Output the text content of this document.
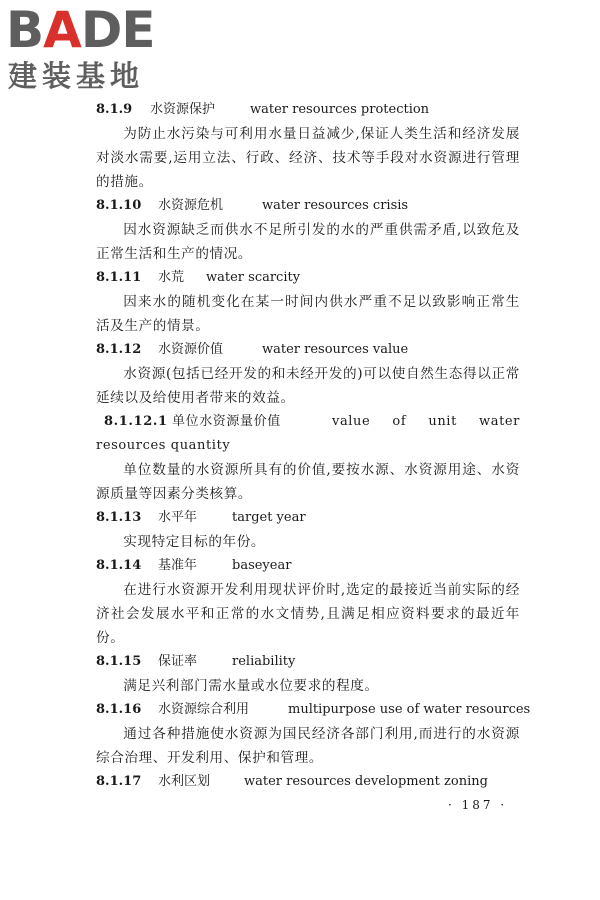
BADE
建装基地
8.1.9 水资源保护	water resources protection
为防止水污染与可利用水量日益减少,保证人类生活和经济发展对淡水需要,运用立法、行政、经济、技术等手段对水资源进行管理的措施。
8.1.10 水资源危机	water resources crisis
因水资源缺乏而供水不足所引发的水的严重供需矛盾,以致危及正常生活和生产的情况。
8.1.11 水荒 water scarcity
因来水的随机变化在某一时间内供水严重不足以致影响正常生活及生产的情景。
8.1.12 水资源价值	water resources value
水资源(包括已经开发的和未经开发的)可以使自然生态得以正常延续以及给使用者带来的效益。
8.1.12.1 单位水资源量价值	value of unit water resources quantity
单位数量的水资源所具有的价值,要按水源、水资源用途、水资源质量等因素分类核算。
8.1.13 水平年	target year
实现特定目标的年份。
8.1.14 基准年	baseyear
在进行水资源开发利用现状评价时,选定的最接近当前实际的经济社会发展水平和正常的水文情势,且满足相应资料要求的最近年份。
8.1.15 保证率	reliability
满足兴利部门需水量或水位要求的程度。
8.1.16 水资源综合利用	multipurpose use of water resources
通过各种措施使水资源为国民经济各部门利用,而进行的水资源综合治理、开发利用、保护和管理。
8.1.17 水利区划	water resources development zoning
· 187 ·
